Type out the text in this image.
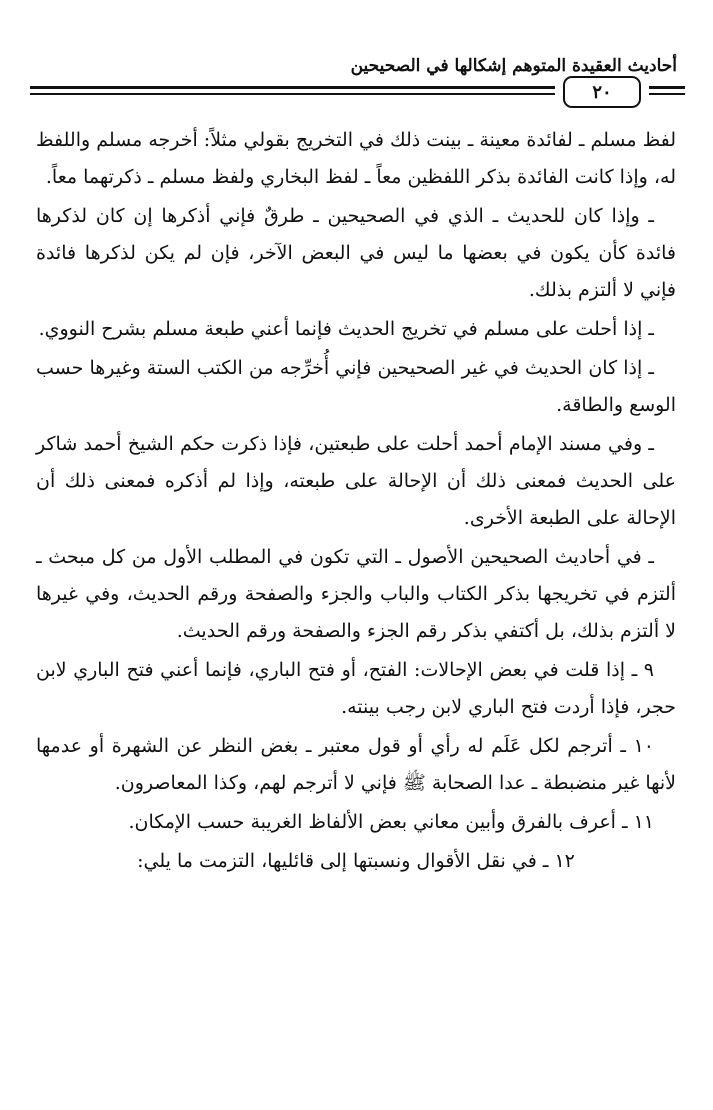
أحاديث العقيدة المتوهم إشكالها في الصحيحين
٢٠

لفظ مسلم ـ لفائدة معينة ـ بينت ذلك في التخريج بقولي مثلاً: أخرجه مسلم واللفظ له، وإذا كانت الفائدة بذكر اللفظين معاً ـ لفظ البخاري ولفظ مسلم ـ ذكرتهما معاً.

ـ وإذا كان للحديث ـ الذي في الصحيحين ـ طرقٌ فإني أذكرها إن كان لذكرها فائدة كأن يكون في بعضها ما ليس في البعض الآخر، فإن لم يكن لذكرها فائدة فإني لا ألتزم بذلك.

ـ إذا أحلت على مسلم في تخريج الحديث فإنما أعني طبعة مسلم بشرح النووي.

ـ إذا كان الحديث في غير الصحيحين فإني أُخرِّجه من الكتب الستة وغيرها حسب الوسع والطاقة.

ـ وفي مسند الإمام أحمد أحلت على طبعتين، فإذا ذكرت حكم الشيخ أحمد شاكر على الحديث فمعنى ذلك أن الإحالة على طبعته، وإذا لم أذكره فمعنى ذلك أن الإحالة على الطبعة الأخرى.

ـ في أحاديث الصحيحين الأصول ـ التي تكون في المطلب الأول من كل مبحث ـ ألتزم في تخريجها بذكر الكتاب والباب والجزء والصفحة ورقم الحديث، وفي غيرها لا ألتزم بذلك، بل أكتفي بذكر رقم الجزء والصفحة ورقم الحديث.

٩ ـ إذا قلت في بعض الإحالات: الفتح، أو فتح الباري، فإنما أعني فتح الباري لابن حجر، فإذا أردت فتح الباري لابن رجب بينته.

١٠ ـ أترجم لكل عَلَم له رأي أو قول معتبر ـ بغض النظر عن الشهرة أو عدمها لأنها غير منضبطة ـ عدا الصحابة ﷺ فإني لا أترجم لهم، وكذا المعاصرون.

١١ ـ أعرف بالفرق وأبين معاني بعض الألفاظ الغريبة حسب الإمكان.

١٢ ـ في نقل الأقوال ونسبتها إلى قائليها، التزمت ما يلي:
